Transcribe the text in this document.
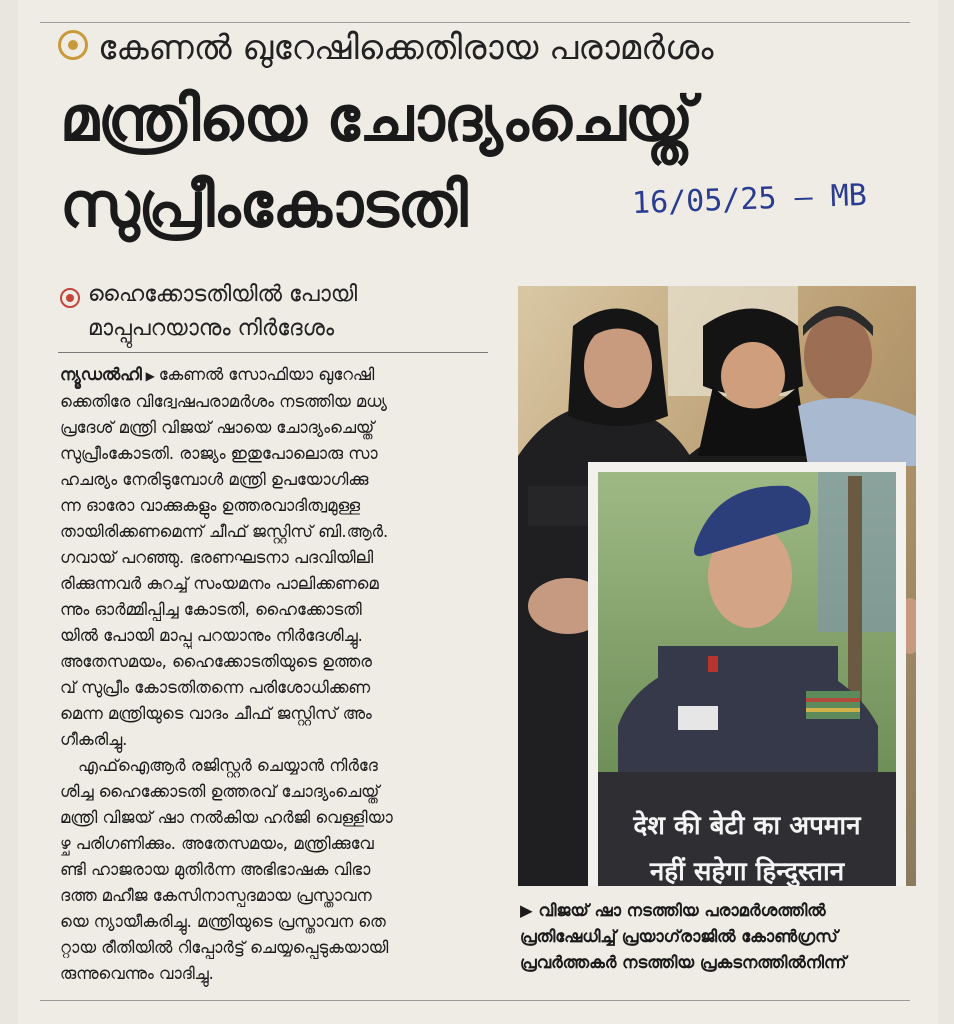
കേണൽ ഖുറേഷിക്കെതിരായ പരാമർശം
മന്ത്രിയെ ചോദ്യംചെയ്ത്
സുപ്രീംകോടതി	16/05/25 – MB
ഹൈക്കോടതിയിൽ പോയി
മാപ്പുപറയാനും നിർദേശം
ന്യൂഡൽഹി ▶ കേണൽ സോഫിയാ ഖുറേഷി
ക്കെതിരേ വിദ്വേഷപരാമർശം നടത്തിയ മധ്യ
പ്രദേശ് മന്ത്രി വിജയ് ഷായെ ചോദ്യംചെയ്ത്
സുപ്രീംകോടതി. രാജ്യം ഇതുപോലൊരു സാ
ഹചര്യം നേരിടുമ്പോൾ മന്ത്രി ഉപയോഗിക്കു
ന്ന ഓരോ വാക്കുകളും ഉത്തരവാദിത്വമുള്ള
തായിരിക്കണമെന്ന് ചീഫ് ജസ്റ്റിസ് ബി.ആർ.
ഗവായ് പറഞ്ഞു. ഭരണഘടനാ പദവിയിലി
രിക്കുന്നവർ കുറച്ച് സംയമനം പാലിക്കണമെ
ന്നും ഓർമ്മിപ്പിച്ച കോടതി, ഹൈക്കോടതി
യിൽ പോയി മാപ്പു പറയാനും നിർദേശിച്ചു.
അതേസമയം, ഹൈക്കോടതിയുടെ ഉത്തര
വ് സുപ്രീം കോടതിതന്നെ പരിശോധിക്കണ
മെന്ന മന്ത്രിയുടെ വാദം ചീഫ് ജസ്റ്റിസ് അം
ഗീകരിച്ചു.
എഫ്ഐആർ രജിസ്റ്റർ ചെയ്യാൻ നിർദേ
ശിച്ച ഹൈക്കോടതി ഉത്തരവ് ചോദ്യംചെയ്ത്
മന്ത്രി വിജയ് ഷാ നൽകിയ ഹർജി വെള്ളിയാ
ഴ്ച പരിഗണിക്കും. അതേസമയം, മന്ത്രിക്കുവേ
ണ്ടി ഹാജരായ മുതിർന്ന അഭിഭാഷക വിഭാ
ദത്ത മഹീജ കേസിനാസ്പദമായ പ്രസ്താവന
യെ ന്യായീകരിച്ചു. മന്ത്രിയുടെ പ്രസ്താവന തെ
റ്റായ രീതിയിൽ റിപ്പോർട്ട് ചെയ്യപ്പെടുകയായി
രുന്നുവെന്നും വാദിച്ചു.
देश की बेटी का अपमान
नहीं सहेगा हिन्दुस्तान
▶ വിജയ് ഷാ നടത്തിയ പരാമർശത്തിൽ
പ്രതിഷേധിച്ച് പ്രയാഗ്‌രാജിൽ കോൺഗ്രസ്
പ്രവർത്തകർ നടത്തിയ പ്രകടനത്തിൽനിന്ന്
